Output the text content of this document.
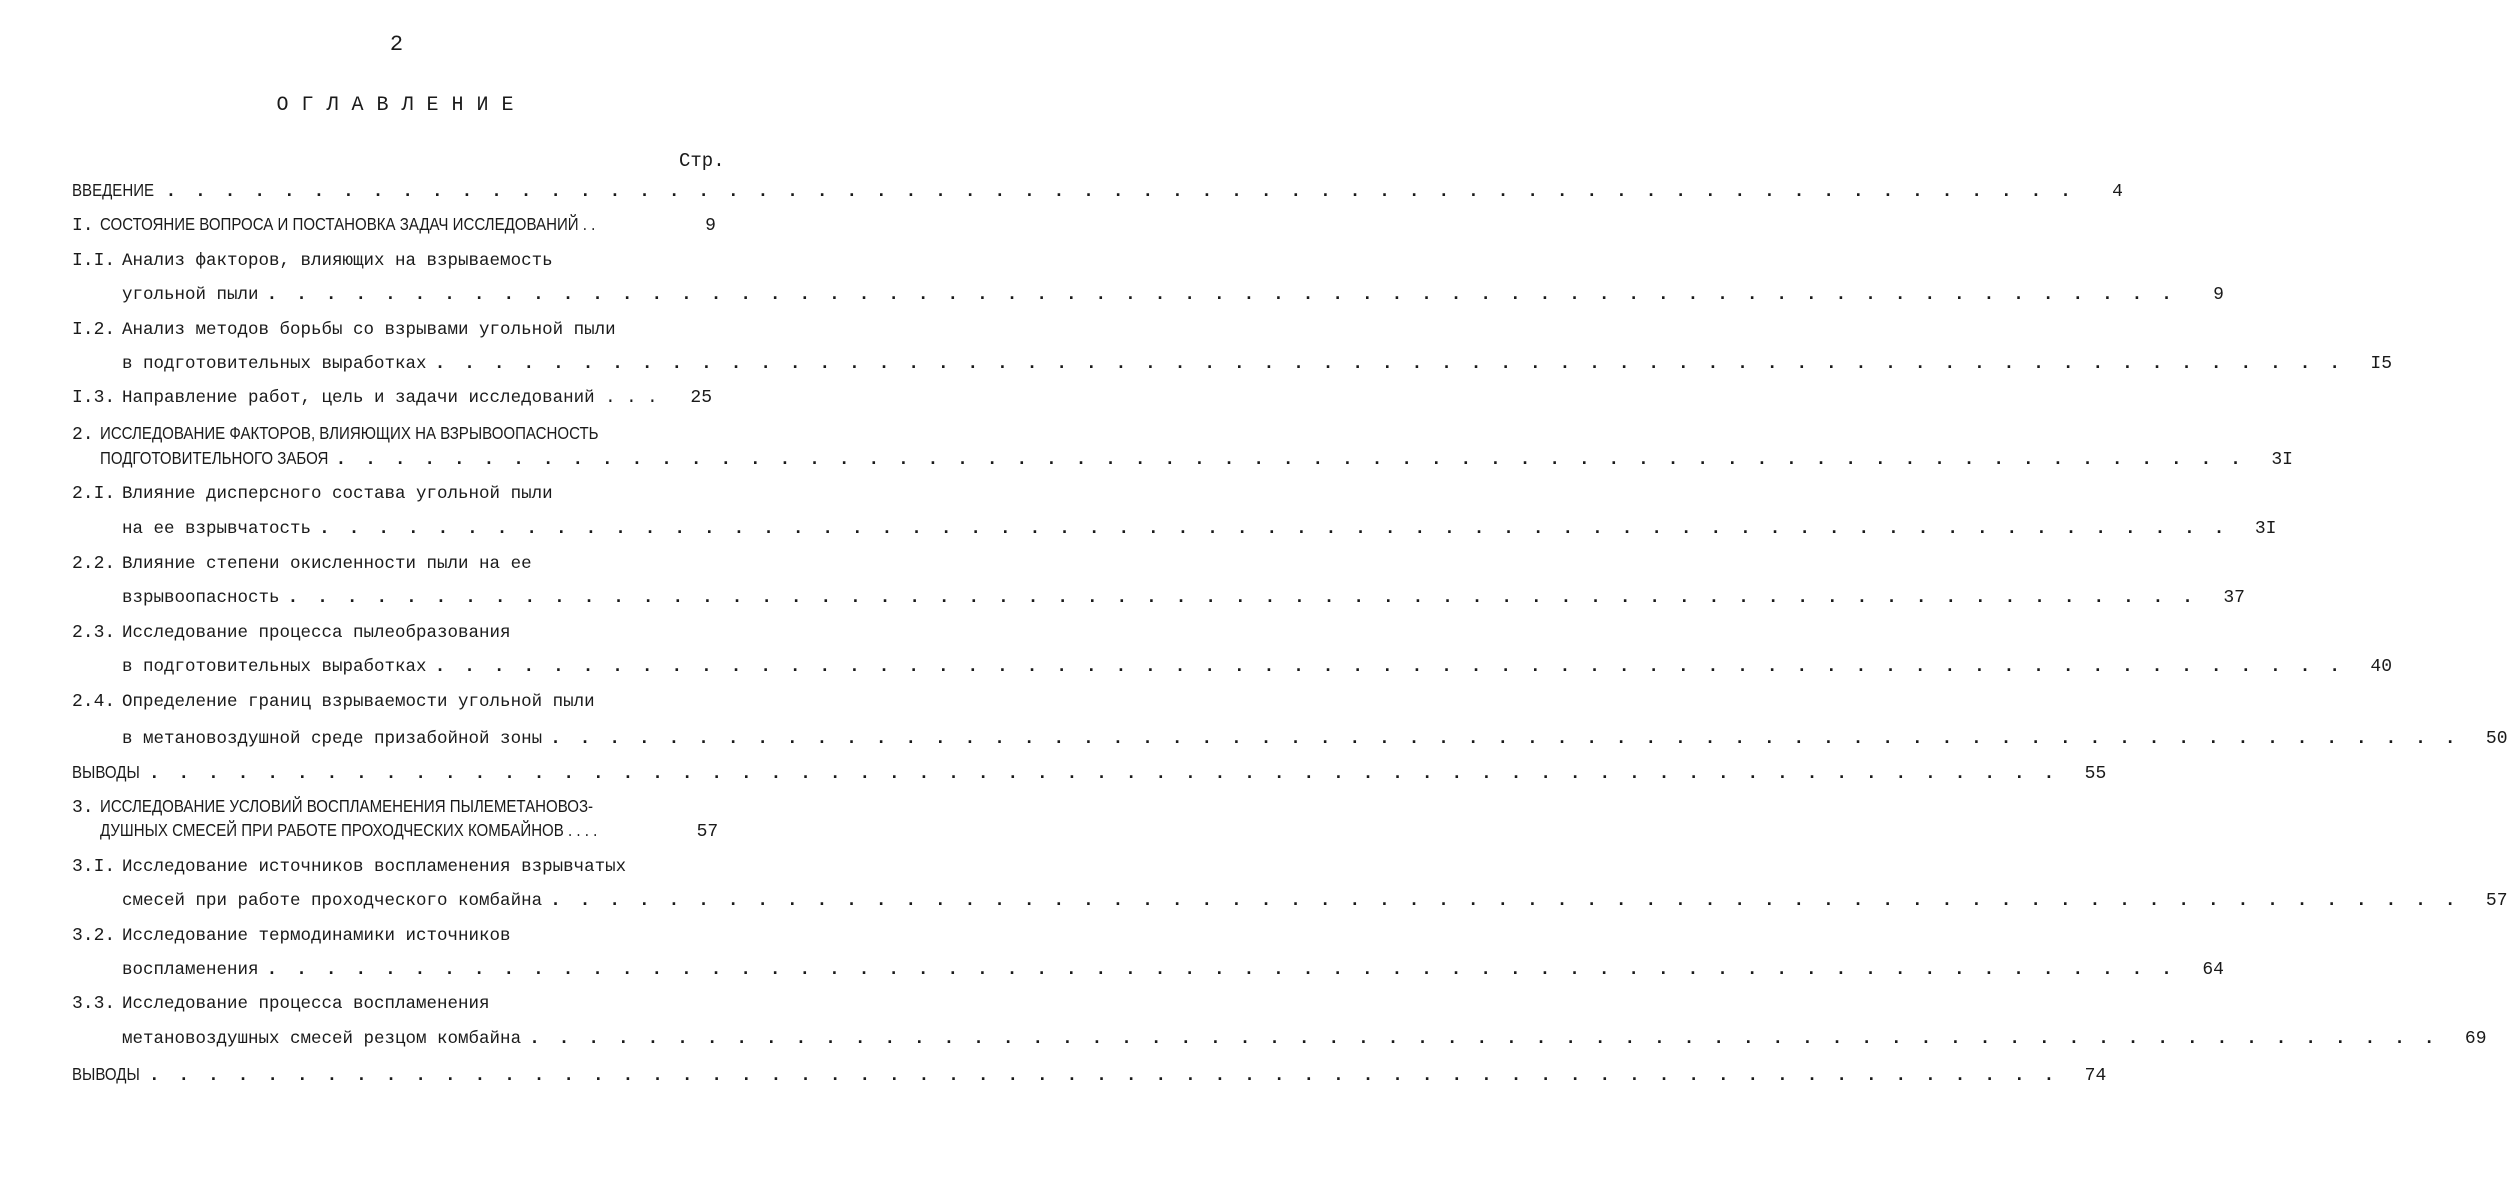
2
ОГЛАВЛЕНИЕ
Стр.
ВВЕДЕНИЕ . . . . . . . . . . . . . . . . . . . . . . . . . . . . . . . . . . . . . . . . . . . . . . . . . . . . . . . . . . . . . . . . .	4
I. СОСТОЯНИЕ ВОПРОСА И ПОСТАНОВКА ЗАДАЧ ИССЛЕДОВАНИЙ . .	9
I.I. Анализ факторов, влияющих на взрываемость
угольной пыли . . . . . . . . . . . . . . . . . . . . . . . . . . . . . . . . . . . . . . . . . . . . . . . . . . . . . . . . . . . . . . . . .	9
I.2. Анализ методов борьбы со взрывами угольной пыли
в подготовительных выработках . . . . . . . . . . . . . . . . . . . . . . . . . . . . . . . . . . . . . . . . . . . . . . . . . . . . . . . . . . . . . . . . .	I5
I.3. Направление работ, цель и задачи исследований . . .	25
2. ИССЛЕДОВАНИЕ ФАКТОРОВ, ВЛИЯЮЩИХ НА ВЗРЫВООПАСНОСТЬ
ПОДГОТОВИТЕЛЬНОГО ЗАБОЯ . . . . . . . . . . . . . . . . . . . . . . . . . . . . . . . . . . . . . . . . . . . . . . . . . . . . . . . . . . . . . . . . .	3I
2.I. Влияние дисперсного состава угольной пыли
на ее взрывчатость . . . . . . . . . . . . . . . . . . . . . . . . . . . . . . . . . . . . . . . . . . . . . . . . . . . . . . . . . . . . . . . . .	3I
2.2. Влияние степени окисленности пыли на ее
взрывоопасность . . . . . . . . . . . . . . . . . . . . . . . . . . . . . . . . . . . . . . . . . . . . . . . . . . . . . . . . . . . . . . . . .	37
2.3. Исследование процесса пылеобразования
в подготовительных выработках . . . . . . . . . . . . . . . . . . . . . . . . . . . . . . . . . . . . . . . . . . . . . . . . . . . . . . . . . . . . . . . . .	40
2.4. Определение границ взрываемости угольной пыли
в метановоздушной среде призабойной зоны . . . . . . . . . . . . . . . . . . . . . . . . . . . . . . . . . . . . . . . . . . . . . . . . . . . . . . . . . . . . . . . . .	50
ВЫВОДЫ . . . . . . . . . . . . . . . . . . . . . . . . . . . . . . . . . . . . . . . . . . . . . . . . . . . . . . . . . . . . . . . . .	55
3. ИССЛЕДОВАНИЕ УСЛОВИЙ ВОСПЛАМЕНЕНИЯ ПЫЛЕМЕТАНОВОЗ-
ДУШНЫХ СМЕСЕЙ ПРИ РАБОТЕ ПРОХОДЧЕСКИХ КОМБАЙНОВ . . . .	57
3.I. Исследование источников воспламенения взрывчатых
смесей при работе проходческого комбайна . . . . . . . . . . . . . . . . . . . . . . . . . . . . . . . . . . . . . . . . . . . . . . . . . . . . . . . . . . . . . . . . .	57
3.2. Исследование термодинамики источников
воспламенения . . . . . . . . . . . . . . . . . . . . . . . . . . . . . . . . . . . . . . . . . . . . . . . . . . . . . . . . . . . . . . . . .	64
3.3. Исследование процесса воспламенения
метановоздушных смесей резцом комбайна . . . . . . . . . . . . . . . . . . . . . . . . . . . . . . . . . . . . . . . . . . . . . . . . . . . . . . . . . . . . . . . . .	69
ВЫВОДЫ . . . . . . . . . . . . . . . . . . . . . . . . . . . . . . . . . . . . . . . . . . . . . . . . . . . . . . . . . . . . . . . . .	74
